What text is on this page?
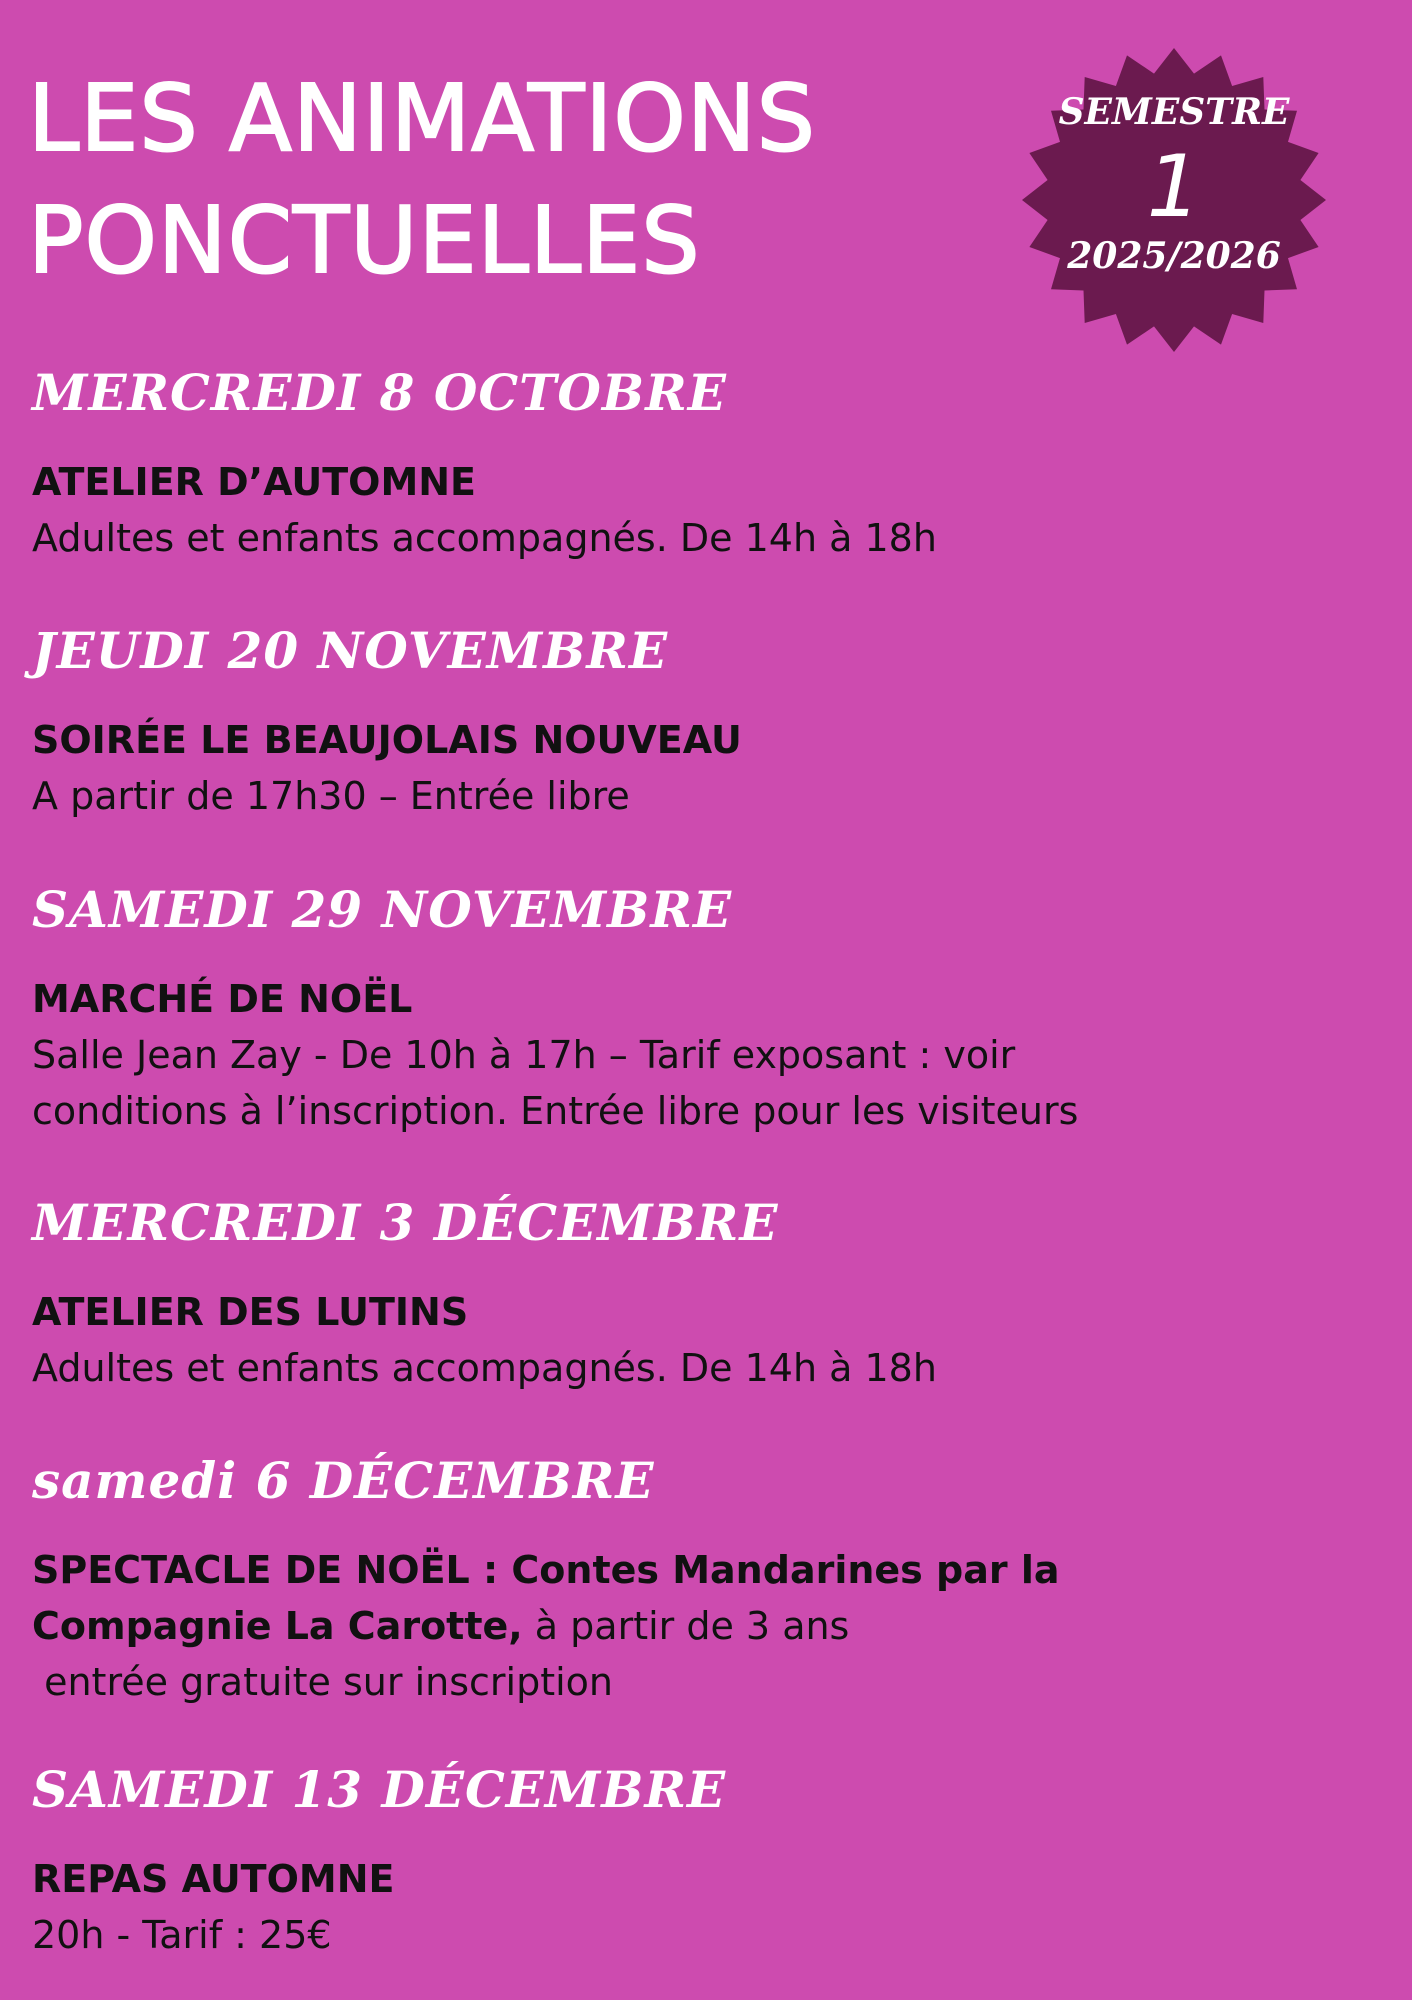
LES ANIMATIONS
PONCTUELLES
SEMESTRE
1
2025/2026
MERCREDI 8 OCTOBRE
ATELIER D’AUTOMNE
Adultes et enfants accompagnés. De 14h à 18h
JEUDI 20 NOVEMBRE
SOIRÉE LE BEAUJOLAIS NOUVEAU
A partir de 17h30 – Entrée libre
SAMEDI 29 NOVEMBRE
MARCHÉ DE NOËL
Salle Jean Zay - De 10h à 17h – Tarif exposant : voir
conditions à l’inscription. Entrée libre pour les visiteurs
MERCREDI 3 DÉCEMBRE
ATELIER DES LUTINS
Adultes et enfants accompagnés. De 14h à 18h
samedi 6 DÉCEMBRE
SPECTACLE DE NOËL : Contes Mandarines par la
Compagnie La Carotte, à partir de 3 ans
entrée gratuite sur inscription
SAMEDI 13 DÉCEMBRE
REPAS AUTOMNE
20h - Tarif : 25€
